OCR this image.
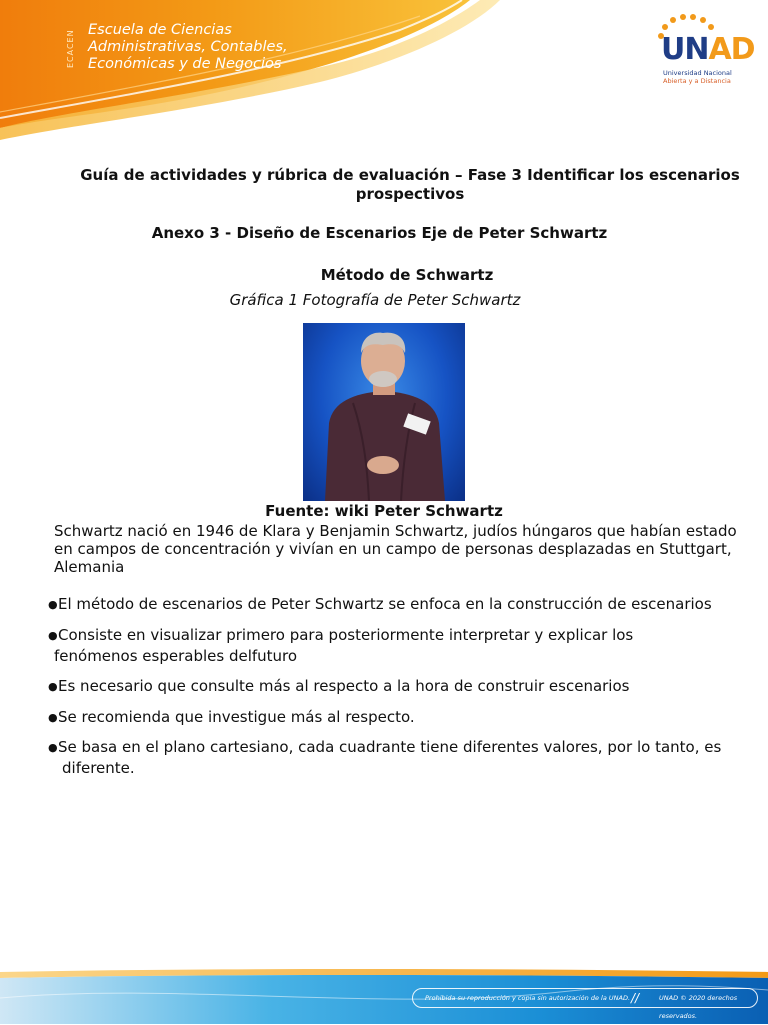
ECACEN Escuela de Ciencias
Administrativas, Contables,
Económicas y de Negocios	UNAD
Universidad Nacional
Abierta y a Distancia
Guía de actividades y rúbrica de evaluación – Fase 3 Identificar los escenarios
prospectivos
Anexo 3 - Diseño de Escenarios Eje de Peter Schwartz
Método de Schwartz
Gráfica 1 Fotografía de Peter Schwartz
Fuente: wiki Peter Schwartz
Schwartz nació en 1946 de Klara y Benjamin Schwartz, judíos húngaros que habían estado en campos de concentración y vivían en un campo de personas desplazadas en Stuttgart, Alemania
●El método de escenarios de Peter Schwartz se enfoca en la construcción de escenarios
●Consiste en visualizar primero para posteriormente interpretar y explicar los
fenómenos esperables delfuturo
●Es necesario que consulte más al respecto a la hora de construir escenarios
●Se recomienda que investigue más al respecto.
●Se basa en el plano cartesiano, cada cuadrante tiene diferentes valores, por lo tanto, es
diferente.
Prohibida su reproducción y copia sin autorización de la UNAD. //	UNAD © 2020 derechos reservados.
